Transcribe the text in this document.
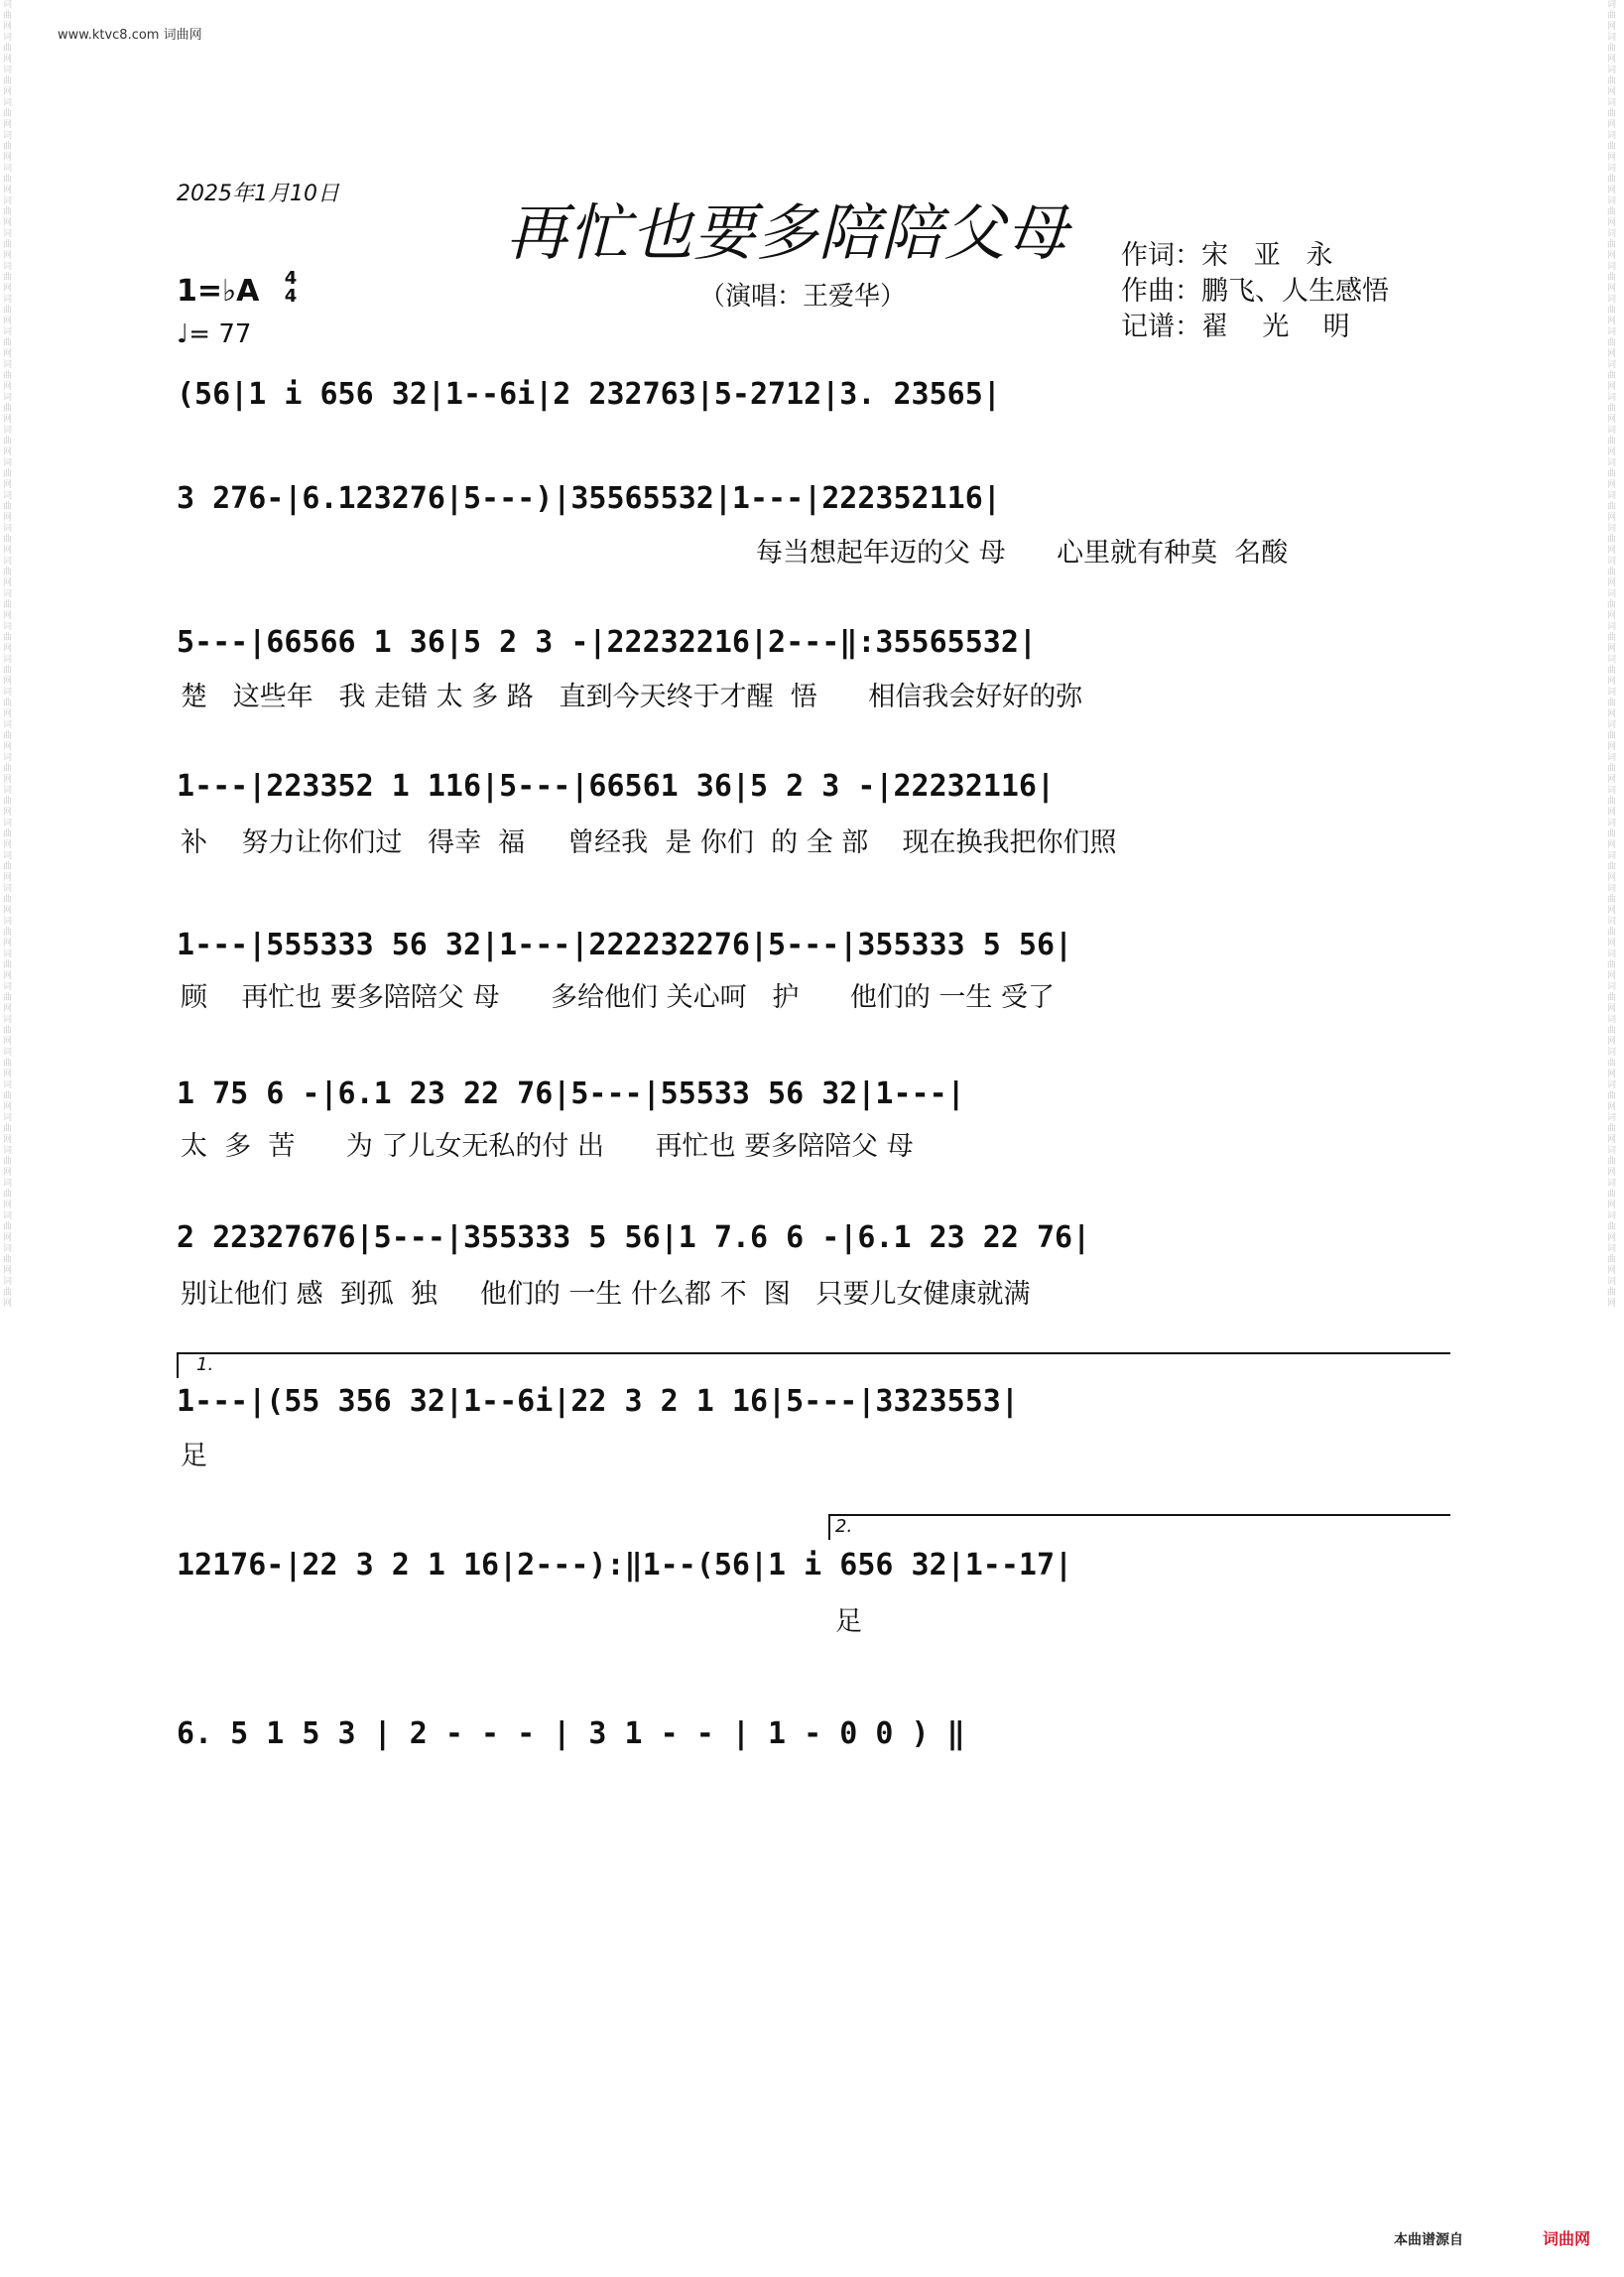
www.ktvc8.com 词曲网
词曲网词曲网词曲网词曲网词曲网词曲网词曲网词曲网词曲网词曲网词曲网词曲网词曲网词曲网词曲网词曲网词曲网词曲网词曲网词曲网词曲网词曲网词曲网词曲网词曲网词曲网词曲网词曲网词曲网词曲网词曲网词曲网词曲网词曲网词曲网词曲网词曲网词曲网词曲网词曲网
词曲网词曲网词曲网词曲网词曲网词曲网词曲网词曲网词曲网词曲网词曲网词曲网词曲网词曲网词曲网词曲网词曲网词曲网词曲网词曲网词曲网词曲网词曲网词曲网词曲网词曲网词曲网词曲网词曲网词曲网词曲网词曲网词曲网词曲网词曲网词曲网词曲网词曲网词曲网词曲网
2025年1月10日
再忙也要多陪陪父母
（演唱：王爱华）
1=♭A 4
4
♩= 77
作词：宋   亚   永
作曲：鹏飞、人生感悟
记谱：翟    光    明
(56|1 i 656 32|1--6i|2 232763|5-2712|3. 23565|
3 276-|6.123276|5---)|35565532|1---|222352116|
每当想起年迈的父 母      心里就有种莫  名酸
5---|66566 1 36|5 2 3 -|22232216|2---‖:35565532|
楚   这些年   我 走错 太 多 路   直到今天终于才醒  悟      相信我会好好的弥
1---|223352 1 116|5---|66561 36|5 2 3 -|22232116|
补    努力让你们过   得幸  福     曾经我  是 你们  的 全 部    现在换我把你们照
1---|555333 56 32|1---|222232276|5---|355333 5 56|
顾    再忙也 要多陪陪父 母      多给他们 关心呵   护      他们的 一生 受了
1 75 6 -|6.1 23 22 76|5---|55533 56 32|1---|
太  多  苦      为 了儿女无私的付 出      再忙也 要多陪陪父 母
2 22327676|5---|355333 5 56|1 7.6 6 -|6.1 23 22 76|
别让他们 感  到孤  独     他们的 一生 什么都 不  图   只要儿女健康就满
1.
1---|(55 356 32|1--6i|22 3 2 1 16|5---|3323553|
足
2.
12176-|22 3 2 1 16|2---):‖1--(56|1 i 656 32|1--17|
足
6. 5 1 5 3 | 2 - - - | 3 1 - - | 1 - 0 0 ) ‖
本曲谱源自	词曲网
